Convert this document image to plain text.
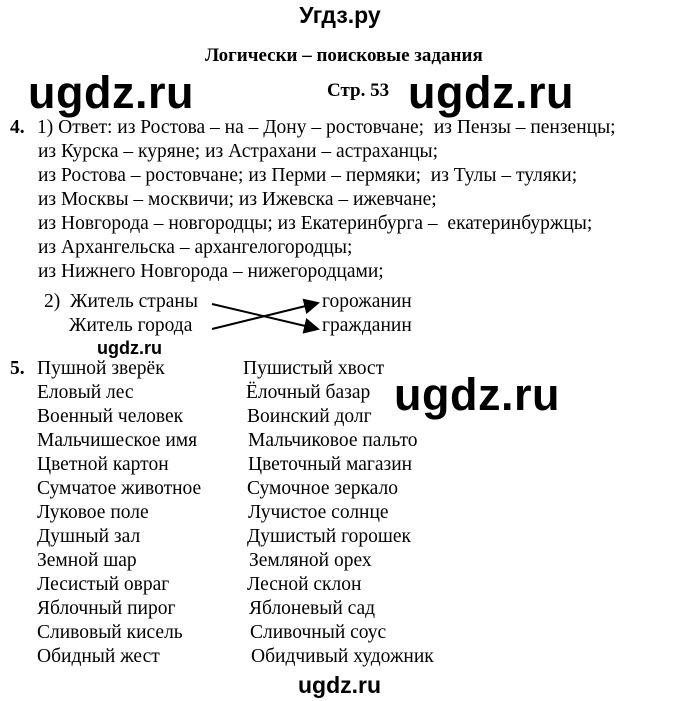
Угдз.ру
Логически – поисковые задания
Стр. 53
ugdz.ru	ugdz.ru
4. 1) Ответ: из Ростова – на – Дону – ростовчане;  из Пензы – пензенцы;
из Курска – куряне; из Астрахани – астраханцы;
из Ростова – ростовчане; из Перми – пермяки;  из Тулы – туляки;
из Москвы – москвичи; из Ижевска – ижевчане;
из Новгорода – новгородцы; из Екатеринбурга –  екатеринбуржцы;
из Архангельска – архангелогородцы;
из Нижнего Новгорода – нижегородцами;
2) Житель страны
Житель города
горожанин
гражданин
ugdz.ru
5. Пушной зверёк	Пушистый хвост
Еловый лес	Ёлочный базар
Военный человек	Воинский долг
Мальчишеское имя	Мальчиковое пальто
Цветной картон	Цветочный магазин
Сумчатое животное Сумочное зеркало
Луковое поле	Лучистое солнце
Душный зал	Душистый горошек
Земной шар	Земляной орех
Лесистый овраг	Лесной склон
Яблочный пирог	Яблоневый сад
Сливовый кисель	Сливочный соус
Обидный жест	Обидчивый художник
ugdz.ru
ugdz.ru
